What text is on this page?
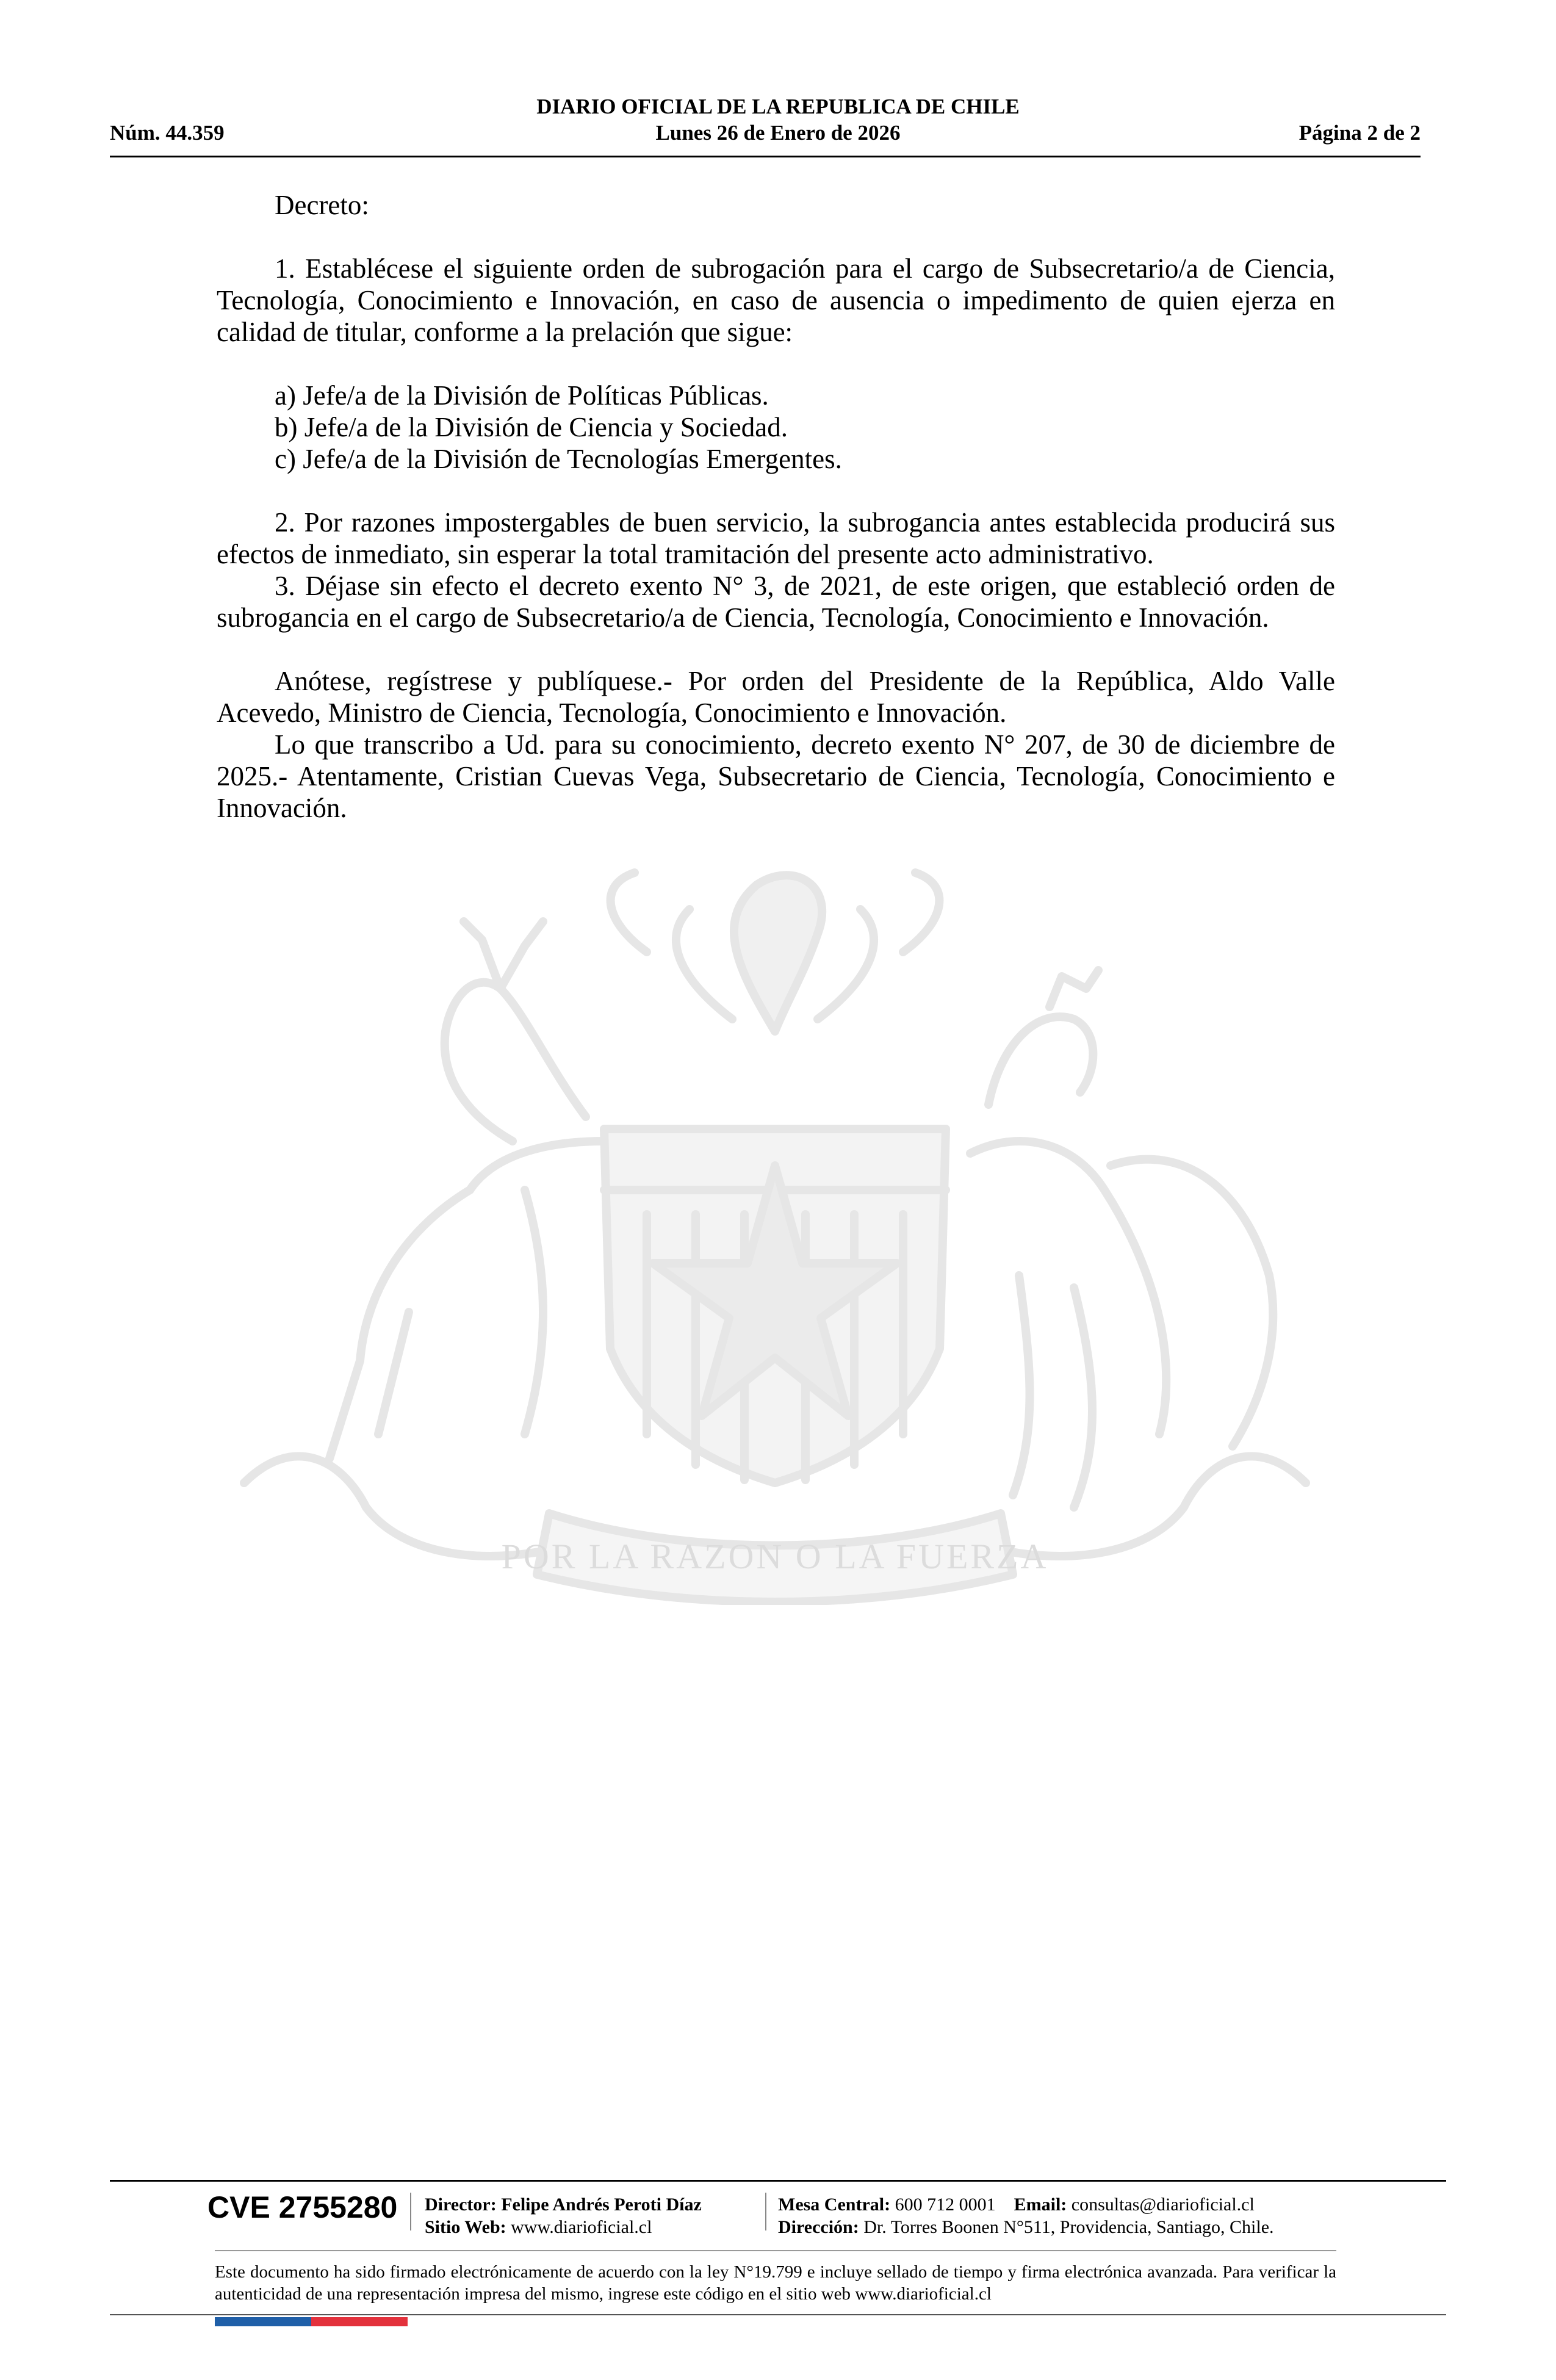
DIARIO OFICIAL DE LA REPUBLICA DE CHILE
Núm. 44.359	Lunes 26 de Enero de 2026	Página 2 de 2
POR LA RAZON O LA FUERZA

Decreto:

1. Establécese el siguiente orden de subrogación para el cargo de Subsecretario/a de Ciencia, Tecnología, Conocimiento e Innovación, en caso de ausencia o impedimento de quien ejerza en calidad de titular, conforme a la prelación que sigue:

a) Jefe/a de la División de Políticas Públicas.

b) Jefe/a de la División de Ciencia y Sociedad.

c) Jefe/a de la División de Tecnologías Emergentes.

2. Por razones impostergables de buen servicio, la subrogancia antes establecida producirá sus efectos de inmediato, sin esperar la total tramitación del presente acto administrativo.

3. Déjase sin efecto el decreto exento N° 3, de 2021, de este origen, que estableció orden de subrogancia en el cargo de Subsecretario/a de Ciencia, Tecnología, Conocimiento e Innovación.

Anótese, regístrese y publíquese.- Por orden del Presidente de la República, Aldo Valle Acevedo, Ministro de Ciencia, Tecnología, Conocimiento e Innovación.

Lo que transcribo a Ud. para su conocimiento, decreto exento N° 207, de 30 de diciembre de 2025.- Atentamente, Cristian Cuevas Vega, Subsecretario de Ciencia, Tecnología, Conocimiento e Innovación.

CVE 2755280 Director: Felipe Andrés Peroti Díaz
Sitio Web: www.diarioficial.cl
Mesa Central: 600 712 0001 Email: consultas@diarioficial.cl
Dirección: Dr. Torres Boonen N°511, Providencia, Santiago, Chile.
Este documento ha sido firmado electrónicamente de acuerdo con la ley N°19.799 e incluye sellado de tiempo y firma electrónica avanzada. Para verificar la autenticidad de una representación impresa del mismo, ingrese este código en el sitio web www.diarioficial.cl
